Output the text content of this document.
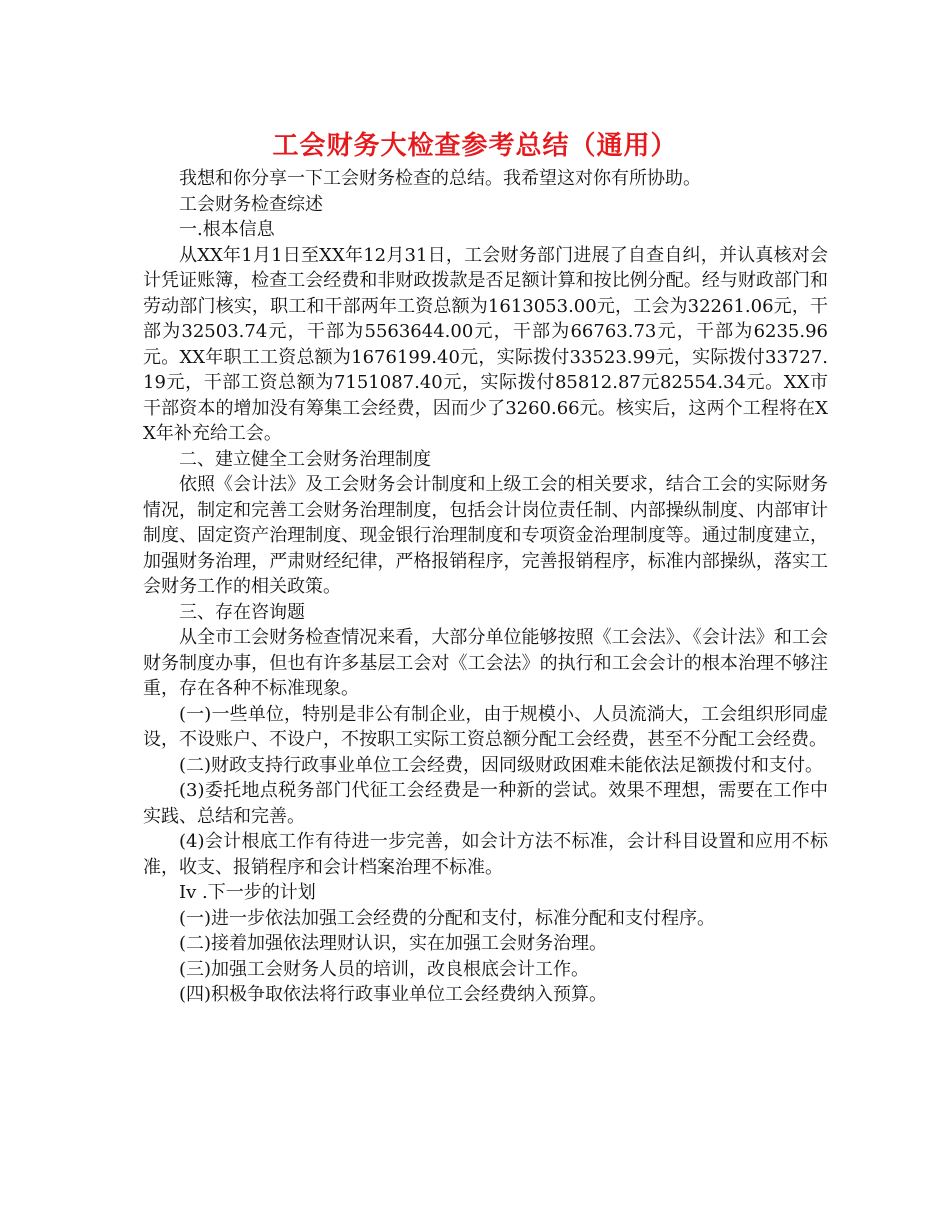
工会财务大检查参考总结（通用）

我想和你分享一下工会财务检查的总结。我希望这对你有所协助。

工会财务检查综述

一.根本信息

从XX年1月1日至XX年12月31日，工会财务部门进展了自查自纠，并认真核对会计凭证账簿，检查工会经费和非财政拨款是否足额计算和按比例分配。经与财政部门和劳动部门核实，职工和干部两年工资总额为1613053.00元，工会为32261.06元，干部为32503.74元，干部为5563644.00元，干部为66763.73元，干部为6235.96元。XX年职工工资总额为1676199.40元，实际拨付33523.99元，实际拨付33727.19元，干部工资总额为7151087.40元，实际拨付85812.87元82554.34元。XX市干部资本的增加没有筹集工会经费，因而少了3260.66元。核实后，这两个工程将在XX年补充给工会。

二、建立健全工会财务治理制度

依照《会计法》及工会财务会计制度和上级工会的相关要求，结合工会的实际财务情况，制定和完善工会财务治理制度，包括会计岗位责任制、内部操纵制度、内部审计制度、固定资产治理制度、现金银行治理制度和专项资金治理制度等。通过制度建立，加强财务治理，严肃财经纪律，严格报销程序，完善报销程序，标准内部操纵，落实工会财务工作的相关政策。

三、存在咨询题

从全市工会财务检查情况来看，大部分单位能够按照《工会法》、《会计法》和工会财务制度办事，但也有许多基层工会对《工会法》的执行和工会会计的根本治理不够注重，存在各种不标准现象。

(一)一些单位，特别是非公有制企业，由于规模小、人员流淌大，工会组织形同虚设，不设账户、不设户，不按职工实际工资总额分配工会经费，甚至不分配工会经费。

(二)财政支持行政事业单位工会经费，因同级财政困难未能依法足额拨付和支付。

(3)委托地点税务部门代征工会经费是一种新的尝试。效果不理想，需要在工作中实践、总结和完善。

(4)会计根底工作有待进一步完善，如会计方法不标准，会计科目设置和应用不标准，收支、报销程序和会计档案治理不标准。

Iv .下一步的计划

(一)进一步依法加强工会经费的分配和支付，标准分配和支付程序。

(二)接着加强依法理财认识，实在加强工会财务治理。

(三)加强工会财务人员的培训，改良根底会计工作。

(四)积极争取依法将行政事业单位工会经费纳入预算。
